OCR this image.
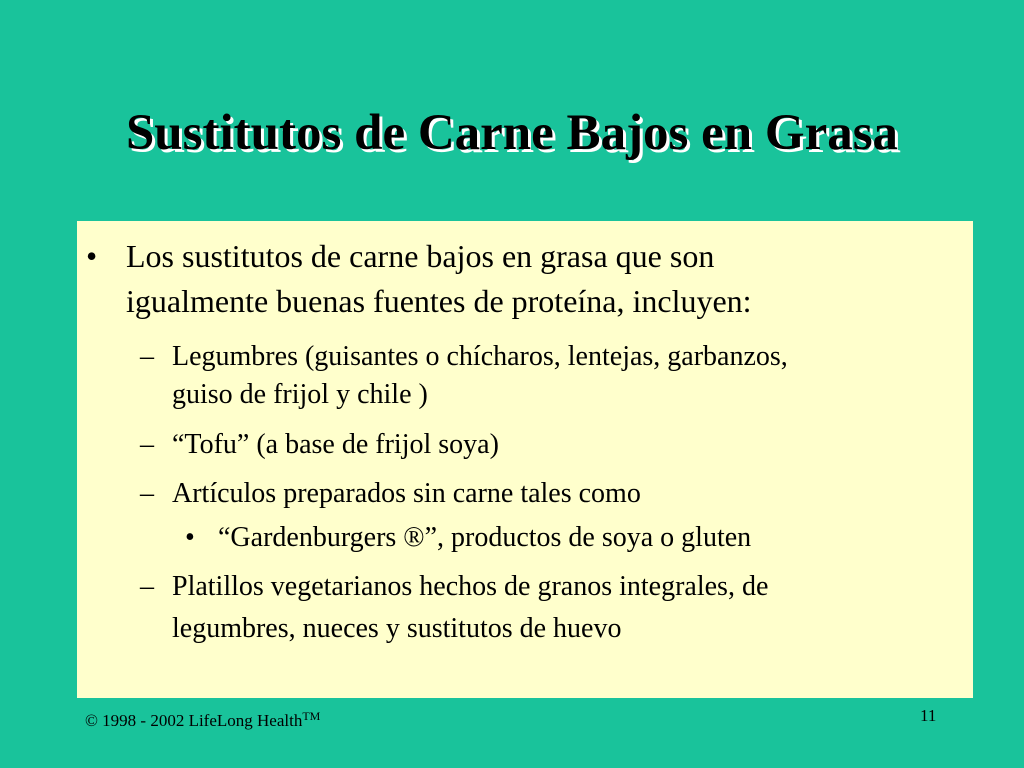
Sustitutos de Carne Bajos en Grasa
• Los sustitutos de carne bajos en grasa que son
igualmente buenas fuentes de proteína, incluyen:
– Legumbres (guisantes o chícharos, lentejas, garbanzos,
guiso de frijol y chile )
– “Tofu” (a base de frijol soya)
– Artículos preparados sin carne tales como
• “Gardenburgers ®”, productos de soya o gluten
– Platillos vegetarianos hechos de granos integrales, de
legumbres, nueces y sustitutos de huevo
© 1998 - 2002 LifeLong Health™	11
